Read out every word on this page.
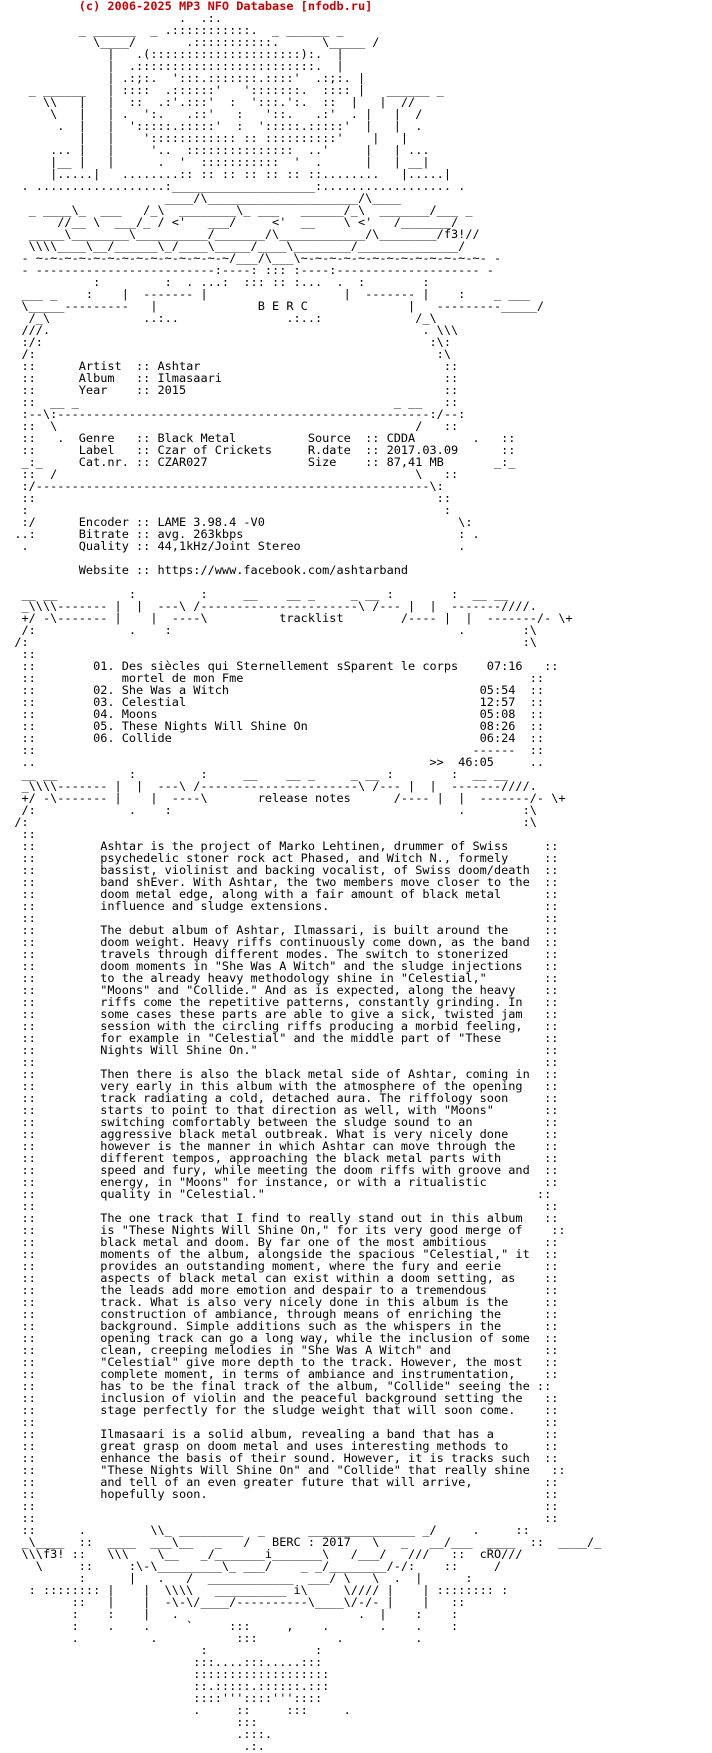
(c) 2006-2025 MP3 NFO Database [nfodb.ru]
.  .:.
_ ______  _ .:::::::::::.  _ ______ _
\____/       .:::::::::::.      \_____ /
|   .(:::::::::::::::::::::):.  |
|  .:::::::::::::::::::::::::.  |
| .:;:.  ':::.:::::::.::::'  .:;:. |
_ ______   | ::::  .::::::'   ':::::::.  :::: |   ______ _
\\   |   |  ::  .:'.:::'  :  ':::.':.  ::  |   |  //
\   |   | .  ':.   .::'   :   '::.   .:'  . |   |  /
.  |   |  ':::::.:::::'  :  ':::::.:::::'  |   |  .
|   |    ':::::::::::: :: ::::::::::'    |   |
... |   |     '..  :::::::::::::::  ..'     |   | ...
|__ |   |      .  '  :::::::::::  '  .      |   | __|
|.....|   ........:: :: :: :: :: :: ::........   |.....|
. ..................:____________________:.................. .
____/\_____________________/\____
_ ____\_  ___   /_\  ________\_ ___   ______/_\  _______/___ _
//__ \  ___/_ / <'   ___/     <'  __    \ <'   /_______/
_____\________\__________/_______/\____________/\________/f3!//
\\\\____\__/______\_/____\_____/____\________/______________/
- ~-~-~-~-~-~-~-~-~-~-~-~-~-~/___/\___\~-~-~-~-~-~-~-~-~-~-~-~-~- -
- -------------------------:----: ::: :----:-------------------- -
:         :  . ...:  ::: :: :...  .  :        :
___ _    :    |  ------- |                   |  ------- |    :    _ ___
\_____---------   |              B E R C              |   ---------_____/
/_\             ..:..               .:..:             /_\
///.                                                    . \\\
:/:                                                      :\:
/:                                                        :\
::      Artist  :: Ashtar                                  ::
::      Album   :: Ilmasaari                               ::
::      Year    :: 2015                                    ::
::  __ _                                            _ __   ::
:--\:----------------------------------------------------:/--:
::  \                                                  /   ::
::   .  Genre   :: Black Metal          Source  :: CDDA        .   ::
::      Label   :: Czar of Crickets     R.date  :: 2017.03.09      ::
_:_     Cat.nr. :: CZAR027              Size    :: 87,41 MB       _:_
::  /                                                  \   ::
:/-------------------------------------------------------\:
::                                                        ::
:                                                          :
:/      Encoder :: LAME 3.98.4 -V0                           \:
..:      Bitrate :: avg. 263kbps                              : .
.       Quality :: 44,1kHz/Joint Stereo                      .
Website :: https://www.facebook.com/ashtarband
__ __          :         :     __    __ _     _ __ :        :  __ __
_\\\\------- |  |  ---\ /----------------------\ /--- |  |  -------////.
+/ -\------- |    |  ----\          tracklist        /---- |  |  -------/- \+
/:             .    :                                        .        :\
/:                                                                     :\
::
::        01. Des siècles qui Sternellement sSparent le corps    07:16   ::
::            mortel de mon Fme                                        ::
::        02. She Was a Witch                                   05:54  ::
::        03. Celestial                                         12:57  ::
::        04. Moons                                             05:08  ::
::        05. These Nights Will Shine On                        08:26  ::
::        06. Collide                                           06:24  ::
::                                                             ------  ::
..                                                       >>  46:05     ..
__ __          :         :     __    __ _     _ __ :        :  __ __
_\\\\------- |  |  ---\ /----------------------\ /--- |  |  -------////.
+/ -\------- |    |  ----\       release notes      /---- |  |  -------/- \+
/:             .    :                                        .        :\
/:                                                                     :\
::
::         Ashtar is the project of Marko Lehtinen, drummer of Swiss     ::
::         psychedelic stoner rock act Phased, and Witch N., formely     ::
::         bassist, violinist and backing vocalist, of Swiss doom/death  ::
::         band shEver. With Ashtar, the two members move closer to the  ::
::         doom metal edge, along with a fair amount of black metal      ::
::         influence and sludge extensions.                              ::
::                                                                       ::
::         The debut album of Ashtar, Ilmassari, is built around the     ::
::         doom weight. Heavy riffs continuously come down, as the band  ::
::         travels through different modes. The switch to stonerized     ::
::         doom moments in "She Was A Witch" and the sludge injections   ::
::         to the already heavy methodology shine in "Celestial,"        ::
::         "Moons" and "Collide." And as is expected, along the heavy    ::
::         riffs come the repetitive patterns, constantly grinding. In   ::
::         some cases these parts are able to give a sick, twisted jam   ::
::         session with the circling riffs producing a morbid feeling,   ::
::         for example in "Celestial" and the middle part of "These      ::
::         Nights Will Shine On."                                        ::
::                                                                       ::
::         Then there is also the black metal side of Ashtar, coming in  ::
::         very early in this album with the atmosphere of the opening   ::
::         track radiating a cold, detached aura. The riffology soon     ::
::         starts to point to that direction as well, with "Moons"       ::
::         switching comfortably between the sludge sound to an          ::
::         aggressive black metal outbreak. What is very nicely done     ::
::         however is the manner in which Ashtar can move through the    ::
::         different tempos, approaching the black metal parts with      ::
::         speed and fury, while meeting the doom riffs with groove and  ::
::         energy, in "Moons" for instance, or with a ritualistic        ::
::         quality in "Celestial."                                      ::
::                                                                       ::
::         The one track that I find to really stand out in this album   ::
::         is "These Nights Will Shine On," for its very good merge of    ::
::         black metal and doom. By far one of the most ambitious        ::
::         moments of the album, alongside the spacious "Celestial," it  ::
::         provides an outstanding moment, where the fury and eerie      ::
::         aspects of black metal can exist within a doom setting, as    ::
::         the leads add more emotion and despair to a tremendous        ::
::         track. What is also very nicely done in this album is the     ::
::         construction of ambiance, through means of enriching the      ::
::         background. Simple additions such as the whispers in the      ::
::         opening track can go a long way, while the inclusion of some  ::
::         clean, creeping melodies in "She Was A Witch" and             ::
::         "Celestial" give more depth to the track. However, the most   ::
::         complete moment, in terms of ambiance and instrumentation,    ::
::         has to be the final track of the album, "Collide" seeing the ::
::         inclusion of violin and the peaceful background setting the   ::
::         stage perfectly for the sludge weight that will soon come.    ::
::                                                                       ::
::         Ilmasaari is a solid album, revealing a band that has a       ::
::         great grasp on doom metal and uses interesting methods to     ::
::         enhance the basis of their sound. However, it is tracks such  ::
::         "These Nights Will Shine On" and "Collide" that really shine   ::
::         and tell of an even greater future that will arrive,          ::
::         hopefully soon.                                               ::
::                                                                       ::
::                                                                       ::
::      .         \\_ _________  _      _______________ _/     .     ::
_\____  ::  ____  ___\__   _   /   BERC : 2017   \   _   __/___  ____  ::  ____/_
\\\f3! ::   \\\    \__   _/_______i_______\   /___/   ///   ::  cRO///
\     ::     :\-\_________\_ ___/    _ _/________/-/:    ::     /
:      |   .   /  ____________  ___/ \   \  .  |      :
: :::::::: |    |  \\\\   __________ i\     \//// |    | :::::::: :
::   |    |  -\-\/____/----------\____\/-/- |    |   ::
:    :    |   .                         .  |    :    :
:    .    .     `     :::     ,    .       .    .    :
.          .           :::           .          .
:               :
:::....:::.....:::
:::::::::::::::::::
::.:::::.::::::.:::
::::'''::::'''::::
.     ::     :::     .
:::
.:::.
.:.
